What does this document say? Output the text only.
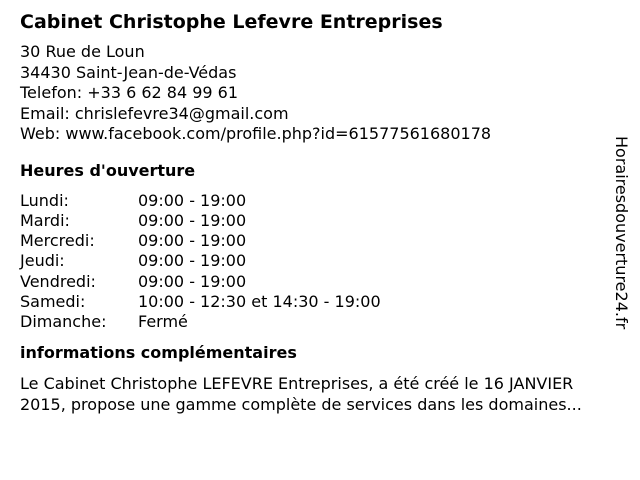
Cabinet Christophe Lefevre Entreprises
30 Rue de Loun
34430 Saint-Jean-de-Védas
Telefon: +33 6 62 84 99 61
Email: chrislefevre34@gmail.com
Web: www.facebook.com/profile.php?id=61577561680178
Heures d'ouverture
Lundi:	09:00 - 19:00
Mardi:	09:00 - 19:00
Mercredi:	09:00 - 19:00
Jeudi:	09:00 - 19:00
Vendredi:	09:00 - 19:00
Samedi:	10:00 - 12:30 et 14:30 - 19:00
Dimanche: Fermé
informations complémentaires
Le Cabinet Christophe LEFEVRE Entreprises, a été créé le 16 JANVIER
2015, propose une gamme complète de services dans les domaines...
Horairesdouverture24.fr
